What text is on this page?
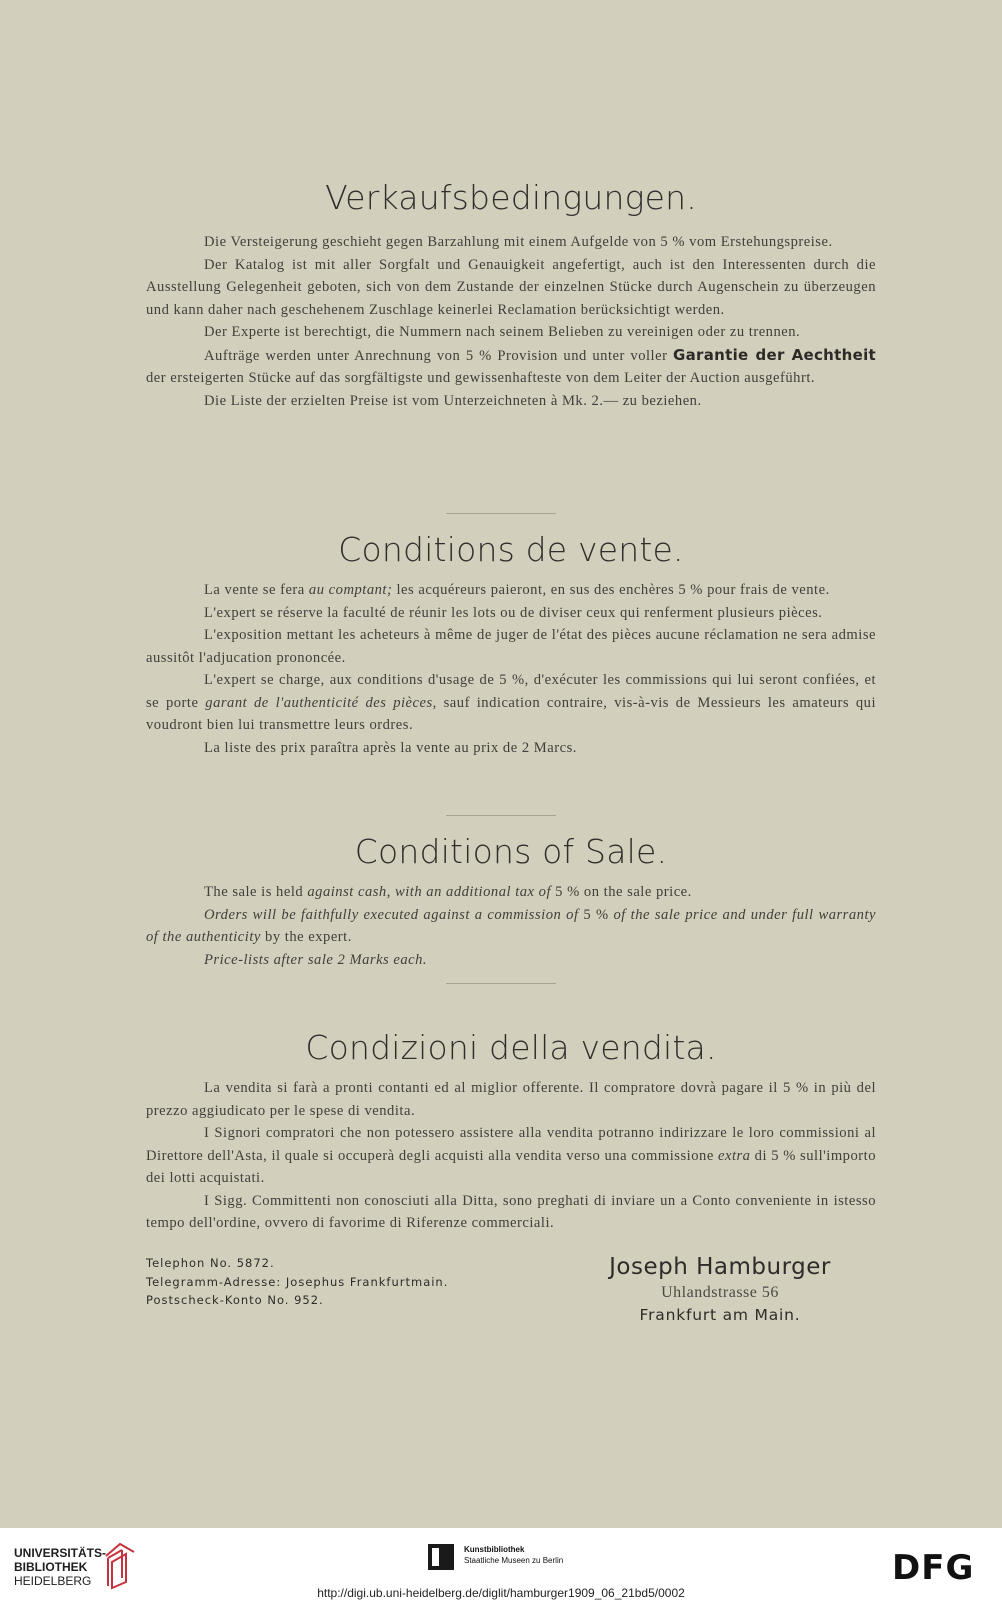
Verkaufsbedingungen.

Die Versteigerung geschieht gegen Barzahlung mit einem Aufgelde von 5 % vom Erstehungspreise.

Der Katalog ist mit aller Sorgfalt und Genauigkeit angefertigt, auch ist den Interessenten durch die Ausstellung Gelegenheit geboten, sich von dem Zustande der einzelnen Stücke durch Augenschein zu überzeugen und kann daher nach geschehenem Zuschlage keinerlei Reclamation berücksichtigt werden.

Der Experte ist berechtigt, die Nummern nach seinem Belieben zu vereinigen oder zu trennen.

Aufträge werden unter Anrechnung von 5 % Provision und unter voller Garantie der Aechtheit der ersteigerten Stücke auf das sorgfältigste und gewissenhafteste von dem Leiter der Auction ausgeführt.

Die Liste der erzielten Preise ist vom Unterzeichneten à Mk. 2.— zu beziehen.

Conditions de vente.

La vente se fera au comptant; les acquéreurs paieront, en sus des enchères 5 % pour frais de vente.

L'expert se réserve la faculté de réunir les lots ou de diviser ceux qui renferment plusieurs pièces.

L'exposition mettant les acheteurs à même de juger de l'état des pièces aucune réclamation ne sera admise aussitôt l'adjucation prononcée.

L'expert se charge, aux conditions d'usage de 5 %, d'exécuter les commissions qui lui seront confiées, et se porte garant de l'authenticité des pièces, sauf indication contraire, vis-à-vis de Messieurs les amateurs qui voudront bien lui transmettre leurs ordres.

La liste des prix paraîtra après la vente au prix de 2 Marcs.

Conditions of Sale.

The sale is held against cash, with an additional tax of 5 % on the sale price.

Orders will be faithfully executed against a commission of 5 % of the sale price and under full warranty of the authenticity by the expert.

Price-lists after sale 2 Marks each.

Condizioni della vendita.

La vendita si farà a pronti contanti ed al miglior offerente. Il compratore dovrà pagare il 5 % in più del prezzo aggiudicato per le spese di vendita.

I Signori compratori che non potessero assistere alla vendita potranno indirizzare le loro commissioni al Direttore dell'Asta, il quale si occuperà degli acquisti alla vendita verso una commissione extra di 5 % sull'importo dei lotti acquistati.

I Sigg. Committenti non conosciuti alla Ditta, sono preghati di inviare un a Conto conveniente in istesso tempo dell'ordine, ovvero di favorime di Riferenze commerciali.

Telephon No. 5872.
Telegramm-Adresse: Josephus Frankfurtmain.
Postscheck-Konto No. 952.
Joseph Hamburger
Uhlandstrasse 56
Frankfurt am Main.
UNIVERSITÄTS-
BIBLIOTHEK
HEIDELBERG
Kunstbibliothek
Staatliche Museen zu Berlin	DFG
http://digi.ub.uni-heidelberg.de/diglit/hamburger1909_06_21bd5/0002
